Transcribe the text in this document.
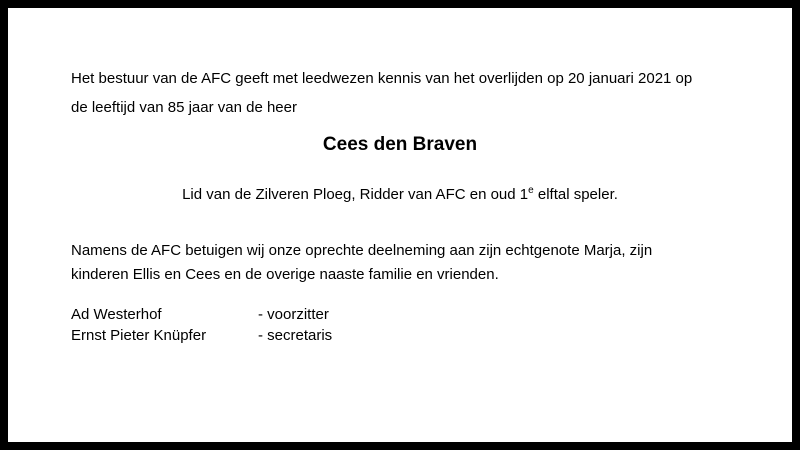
Het bestuur van de AFC geeft met leedwezen kennis van het overlijden op 20 januari 2021 op
de leeftijd van 85 jaar van de heer

Cees den Braven

Lid van de Zilveren Ploeg, Ridder van AFC en oud 1e elftal speler.

Namens de AFC betuigen wij onze oprechte deelneming aan zijn echtgenote Marja, zijn
kinderen Ellis en Cees en de overige naaste familie en vrienden.

Ad Westerhof	- voorzitter
Ernst Pieter Knüpfer	- secretaris
